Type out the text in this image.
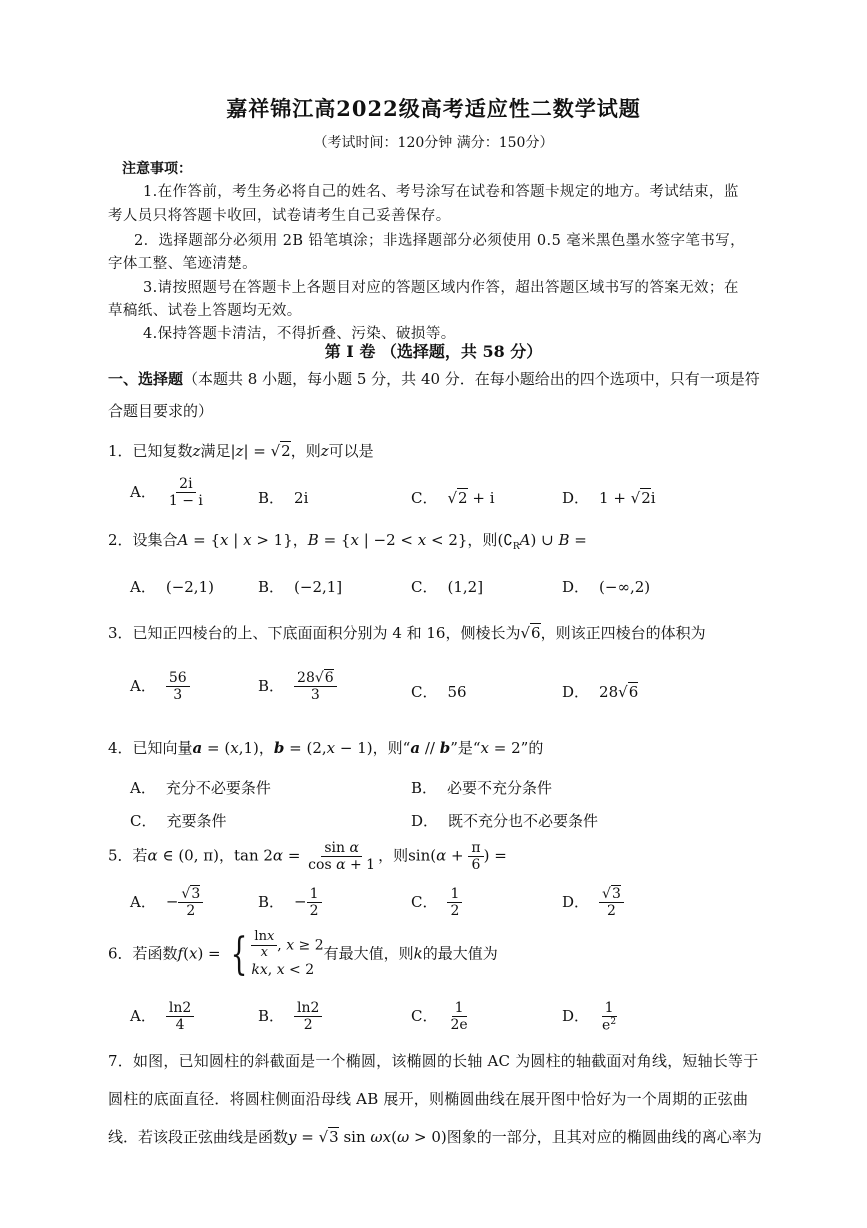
嘉祥锦江高2022级高考适应性二数学试题
（考试时间：120分钟 满分：150分）
注意事项：
1.在作答前，考生务必将自己的姓名、考号涂写在试卷和答题卡规定的地方。考试结束，监
考人员只将答题卡收回，试卷请考生自己妥善保存。
2．选择题部分必须用 2B 铅笔填涂；非选择题部分必须使用 0.5 毫米黑色墨水签字笔书写，
字体工整、笔迹清楚。
3.请按照题号在答题卡上各题目对应的答题区域内作答，超出答题区域书写的答案无效；在
草稿纸、试卷上答题均无效。
4.保持答题卡清洁，不得折叠、污染、破损等。
第 I 卷 （选择题，共 58 分）
一、选择题（本题共 8 小题，每小题 5 分，共 40 分．在每小题给出的四个选项中，只有一项是符
合题目要求的）
1．已知复数z满足|z| = √2，则z可以是
A． $\frac{2i}{1 - i}$	B． 2i	C． √2 + i	D． 1 + √2i
2．设集合A = {x | x > 1}，B = {x | −2 < x < 2}，则$(∁_RA)$ ∪ B =
A． (−2,1)	B． (−2,1]	C． (1,2]	D． (−∞,2)
3．已知正四棱台的上、下底面面积分别为 4 和 16，侧棱长为√6，则该正四棱台的体积为
A． $\frac{56}{3}$	B． $\frac{28√6}{3}$	C． 56	D． 28√6
4．已知向量a = (x,1)，b = (2,x − 1)，则“a // b”是“x = 2”的
A． 充分不必要条件	B． 必要不充分条件
C． 充要条件	D． 既不充分也不必要条件
5．若α ∈ (0, π)，$\tan 2\alpha = \frac{\text{sin α}}{\text{cos α + 1}}$ ，则$\sin(\alpha + \frac{\pi}{6}$ ) =
A． − $\frac{√3}{2}$	B． − $\frac{1}{2}$	C． $\frac{1}{2}$	D． $\frac{√3}{2}$
6．若函数f(x) = { $\frac{\ln x}{x}$ , x ≥ 2
kx, x < 2
有最大值，则k的最大值为
A． $\frac{\ln 2}{4}$	B． $\frac{\ln 2}{2}$	C． $\frac{1}{2e}$	D． $\frac{1}{e^2}$
7．如图，已知圆柱的斜截面是一个椭圆，该椭圆的长轴 AC 为圆柱的轴截面对角线，短轴长等于
圆柱的底面直径．将圆柱侧面沿母线 AB 展开，则椭圆曲线在展开图中恰好为一个周期的正弦曲
线．若该段正弦曲线是函数y = √3 sin ωx(ω > 0)图象的一部分，且其对应的椭圆曲线的离心率为
